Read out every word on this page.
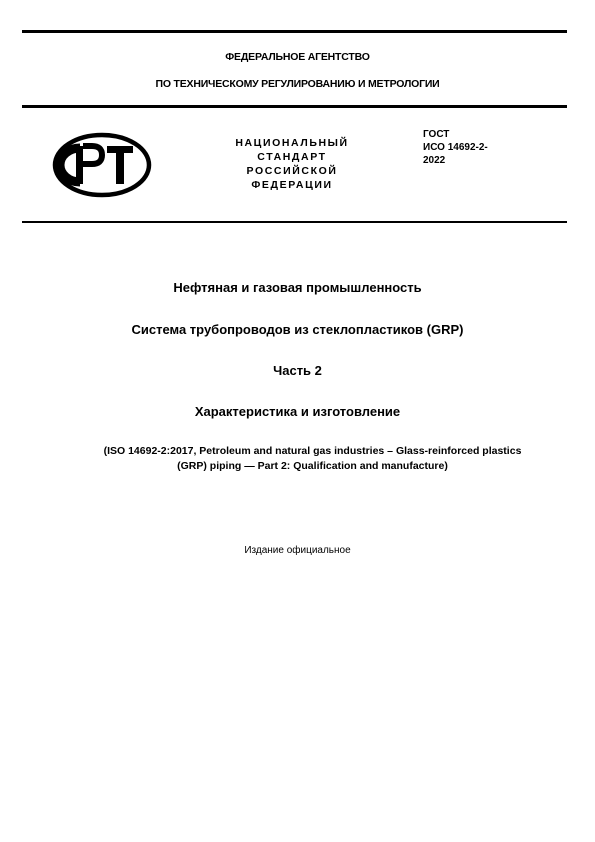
ФЕДЕРАЛЬНОЕ АГЕНТСТВО
ПО ТЕХНИЧЕСКОМУ РЕГУЛИРОВАНИЮ И МЕТРОЛОГИИ
НАЦИОНАЛЬНЫЙ
СТАНДАРТ
РОССИЙСКОЙ
ФЕДЕРАЦИИ
ГОСТ
ИСО 14692-2-
2022
Нефтяная и газовая промышленность
Система трубопроводов из стеклопластиков (GRP)
Часть 2
Характеристика и изготовление
(ISO 14692-2:2017, Petroleum and natural gas industries – Glass-reinforced plastics
(GRP) piping — Part 2: Qualification and manufacture)
Издание официальное
